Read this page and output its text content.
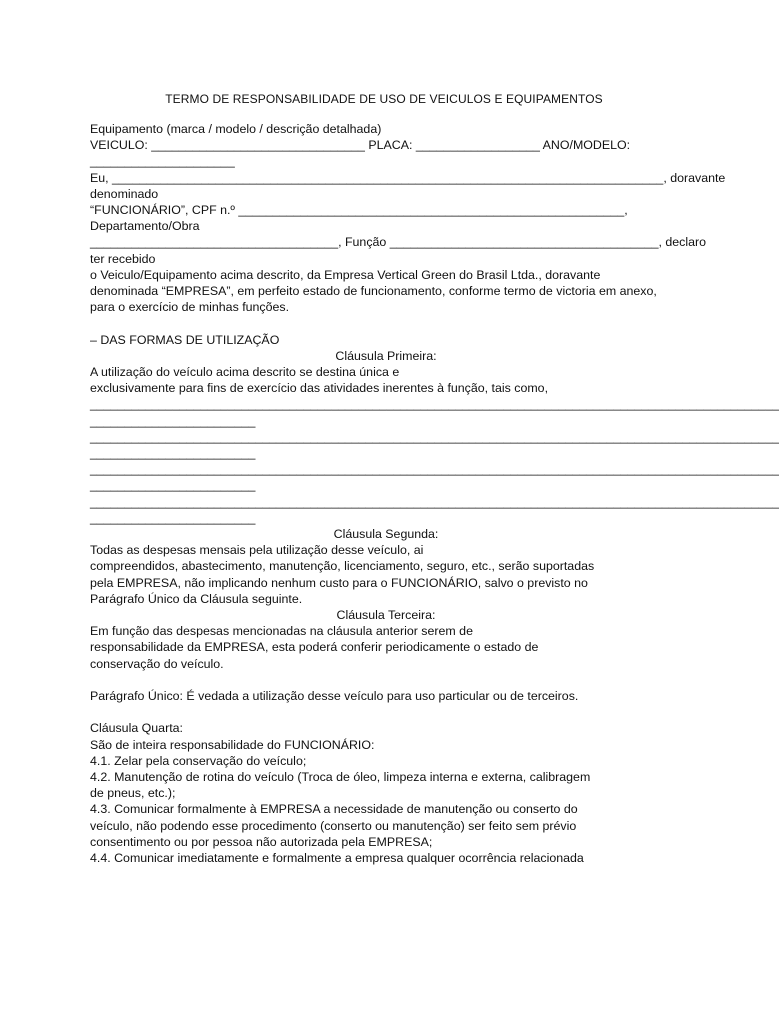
TERMO DE RESPONSABILIDADE DE USO DE VEICULOS E EQUIPAMENTOS

Equipamento (marca / modelo / descrição detalhada)

VEICULO: _______________________________ PLACA: __________________ ANO/MODELO:

_____________________

Eu, ________________________________________________________________________________, doravante

denominado

“FUNCIONÁRIO”, CPF n.º ________________________________________________________,

Departamento/Obra

____________________________________, Função _______________________________________, declaro

ter recebido

o Veiculo/Equipamento acima descrito, da Empresa Vertical Green do Brasil Ltda., doravante

denominada “EMPRESA”, em perfeito estado de funcionamento, conforme termo de victoria em anexo,

para o exercício de minhas funções.

– DAS FORMAS DE UTILIZAÇÃO

Cláusula Primeira:

A utilização do veículo acima descrito se destina única e

exclusivamente para fins de exercício das atividades inerentes à função, tais como,

____________________________________________________________________________________________________
________________________
____________________________________________________________________________________________________
________________________
____________________________________________________________________________________________________
________________________
____________________________________________________________________________________________________
________________________

Cláusula Segunda:

Todas as despesas mensais pela utilização desse veículo, ai

compreendidos, abastecimento, manutenção, licenciamento, seguro, etc., serão suportadas

pela EMPRESA, não implicando nenhum custo para o FUNCIONÁRIO, salvo o previsto no

Parágrafo Único da Cláusula seguinte.

Cláusula Terceira:

Em função das despesas mencionadas na cláusula anterior serem de

responsabilidade da EMPRESA, esta poderá conferir periodicamente o estado de

conservação do veículo.

Parágrafo Único: É vedada a utilização desse veículo para uso particular ou de terceiros.

Cláusula Quarta:

São de inteira responsabilidade do FUNCIONÁRIO:

4.1. Zelar pela conservação do veículo;

4.2. Manutenção de rotina do veículo (Troca de óleo, limpeza interna e externa, calibragem

de pneus, etc.);

4.3. Comunicar formalmente à EMPRESA a necessidade de manutenção ou conserto do

veículo, não podendo esse procedimento (conserto ou manutenção) ser feito sem prévio

consentimento ou por pessoa não autorizada pela EMPRESA;

4.4. Comunicar imediatamente e formalmente a empresa qualquer ocorrência relacionada
